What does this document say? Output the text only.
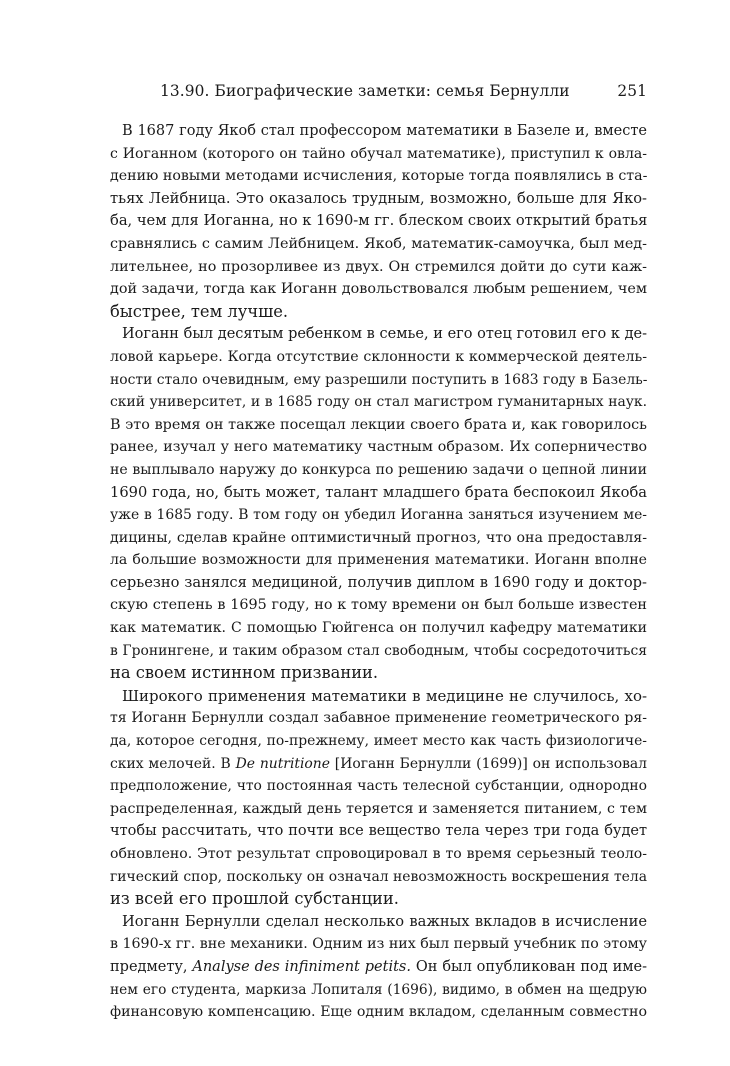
13.90. Биографические заметки: семья Бернулли	251
В 1687 году Якоб стал профессором математики в Базеле и, вместе
с Иоганном (которого он тайно обучал математике), приступил к овла-
дению новыми методами исчисления, которые тогда появлялись в ста-
тьях Лейбница. Это оказалось трудным, возможно, больше для Яко-
ба, чем для Иоганна, но к 1690-м гг. блеском своих открытий братья
сравнялись с самим Лейбницем. Якоб, математик-самоучка, был мед-
лительнее, но прозорливее из двух. Он стремился дойти до сути каж-
дой задачи, тогда как Иоганн довольствовался любым решением, чем
быстрее, тем лучше.
Иоганн был десятым ребенком в семье, и его отец готовил его к де-
ловой карьере. Когда отсутствие склонности к коммерческой деятель-
ности стало очевидным, ему разрешили поступить в 1683 году в Базель-
ский университет, и в 1685 году он стал магистром гуманитарных наук.
В это время он также посещал лекции своего брата и, как говорилось
ранее, изучал у него математику частным образом. Их соперничество
не выплывало наружу до конкурса по решению задачи о цепной линии
1690 года, но, быть может, талант младшего брата беспокоил Якоба
уже в 1685 году. В том году он убедил Иоганна заняться изучением ме-
дицины, сделав крайне оптимистичный прогноз, что она предоставля-
ла большие возможности для применения математики. Иоганн вполне
серьезно занялся медициной, получив диплом в 1690 году и доктор-
скую степень в 1695 году, но к тому времени он был больше известен
как математик. С помощью Гюйгенса он получил кафедру математики
в Гронингене, и таким образом стал свободным, чтобы сосредоточиться
на своем истинном призвании.
Широкого применения математики в медицине не случилось, хо-
тя Иоганн Бернулли создал забавное применение геометрического ря-
да, которое сегодня, по-прежнему, имеет место как часть физиологиче-
ских мелочей. В De nutritione [Иоганн Бернулли (1699)] он использовал
предположение, что постоянная часть телесной субстанции, однородно
распределенная, каждый день теряется и заменяется питанием, с тем
чтобы рассчитать, что почти все вещество тела через три года будет
обновлено. Этот результат спровоцировал в то время серьезный теоло-
гический спор, поскольку он означал невозможность воскрешения тела
из всей его прошлой субстанции.
Иоганн Бернулли сделал несколько важных вкладов в исчисление
в 1690-х гг. вне механики. Одним из них был первый учебник по этому
предмету, Analyse des infiniment petits. Он был опубликован под име-
нем его студента, маркиза Лопиталя (1696), видимо, в обмен на щедрую
финансовую компенсацию. Еще одним вкладом, сделанным совместно
